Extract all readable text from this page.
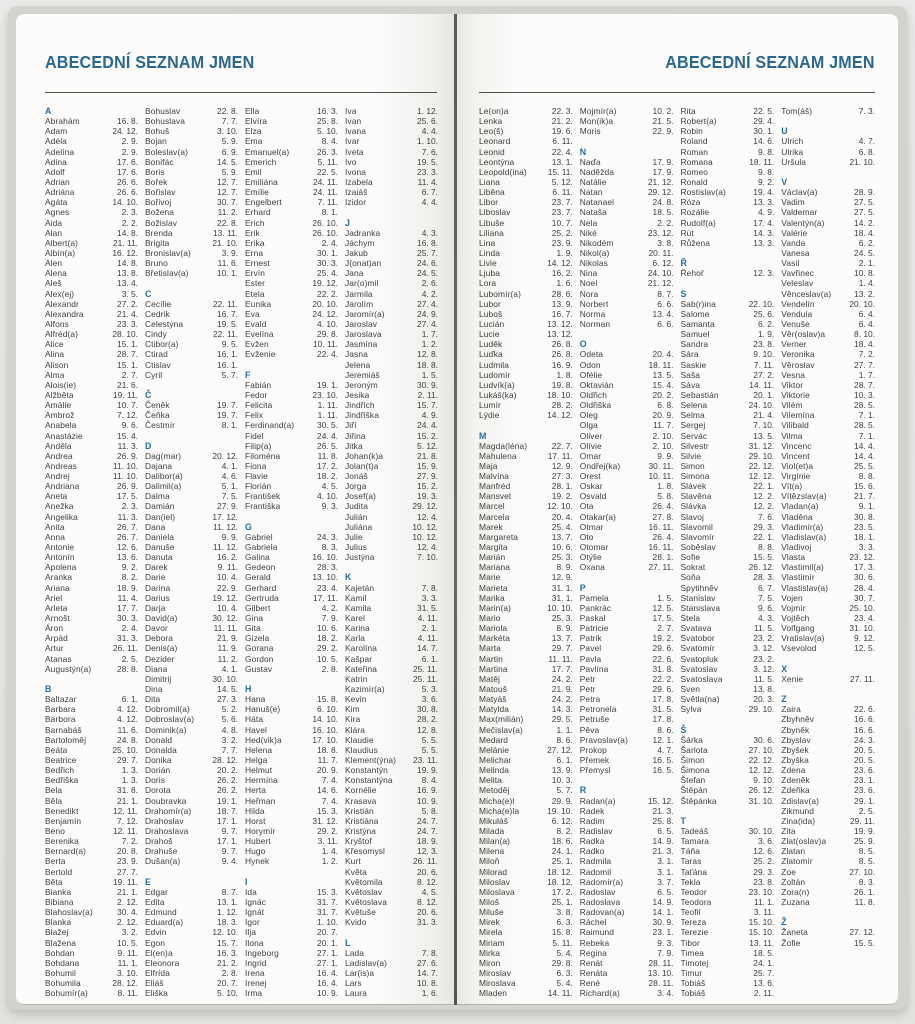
ABECEDNÍ SEZNAM JMEN
A
Abrahám	16. 8.
Adam	24. 12.
Adéla	2. 9.
Adelína	2. 9.
Adina	17. 6.
Adolf	17. 6.
Adrian	26. 6.
Adriána	26. 6.
Agáta	14. 10.
Agnes	2. 3.
Aida	2. 2.
Alan	14. 8.
Albert(a)	21. 11.
Albín(a)	16. 12.
Alen	14. 8.
Alena	13. 8.
Aleš	13. 4.
Alex(ej)	3. 5.
Alexandr	27. 2.
Alexandra	21. 4.
Alfons	23. 3.
Alfréd(a)	28. 10.
Alice	15. 1.
Alina	28. 7.
Alison	15. 1.
Alma	2. 7.
Alois(ie)	21. 6.
Alžběta	19. 11.
Amálie	10. 7.
Ambrož	7. 12.
Anabela	9. 6.
Anastázie	15. 4.
Anděla	11. 3.
Andrea	26. 9.
Andreas	11. 10.
Andrej	11. 10.
Andriana	26. 9.
Aneta	17. 5.
Anežka	2. 3.
Angelika	11. 3.
Anita	26. 7.
Anna	26. 7.
Antonie	12. 6.
Antonín	13. 6.
Apolena	9. 2.
Aranka	8. 2.
Ariana	18. 9.
Ariel	11. 4.
Arleta	17. 7.
Arnošt	30. 3.
Áron	2. 4.
Arpád	31. 3.
Artur	26. 11.
Atanas	2. 5.
Augustýn(a)	28. 8.
B
Baltazar	6. 1.
Barbara	4. 12.
Barbora	4. 12.
Barnabáš	11. 6.
Bartoloměj	24. 8.
Beáta	25. 10.
Beatrice	29. 7.
Bedřich	1. 3.
Bedřiška	1. 3.
Bela	31. 8.
Běla	21. 1.
Benedikt	12. 11.
Benjamín	7. 12.
Beno	12. 11.
Berenika	7. 2.
Bernard(a)	20. 8.
Berta	23. 9.
Bertold	27. 7.
Běta	19. 11.
Bianka	21. 1.
Bibiana	2. 12.
Blahoslav(a)	30. 4.
Blanka	2. 12.
Blažej	3. 2.
Blažena	10. 5.
Bohdan	9. 11.
Bohdana	11. 1.
Bohumil	3. 10.
Bohumila	28. 12.
Bohumír(a)	8. 11.
Bohuslav	22. 8.
Bohuslava	7. 7.
Bohuš	3. 10.
Bojan	5. 9.
Boleslav(a)	6. 9.
Bonifác	14. 5.
Boris	5. 9.
Bořek	12. 7.
Bořislav	12. 7.
Bořivoj	30. 7.
Božena	11. 2.
Božislav	22. 8.
Brenda	13. 11.
Brigita	21. 10.
Bronislav(a)	3. 9.
Bruno	11. 6.
Břetislav(a)	10. 1.
C
Cecílie	22. 11.
Cedrik	16. 7.
Celestýna	19. 5.
Cindy	22. 11.
Ctibor(a)	9. 5.
Ctirad	16. 1.
Ctislav	16. 1.
Cyril	5. 7.
Č
Čeněk	19. 7.
Čeňka	19. 7.
Čestmír	8. 1.
D
Dag(mar)	20. 12.
Dajana	4. 1.
Dalibor(a)	4. 6.
Dalimil(a)	5. 1.
Dalma	7. 5.
Damián	27. 9.
Dan(iel)	17. 12.
Dana	11. 12.
Daniela	9. 9.
Danuše	11. 12.
Danuta	16. 2.
Darek	9. 11.
Darie	10. 4.
Darina	22. 9.
Darius	19. 12.
Darja	10. 4.
David(a)	30. 12.
Davor	11. 11.
Debora	21. 9.
Denis(a)	11. 9.
Dezider	11. 2.
Diana	4. 1.
Dimitrij	30. 10.
Dina	14. 5.
Dita	27. 3.
Dobromil(a)	5. 2.
Dobroslav(a)	5. 6.
Dominik(a)	4. 8.
Donald	3. 2.
Donalda	7. 7.
Donika	28. 12.
Dorián	20. 2.
Doris	26. 2.
Dorota	26. 2.
Doubravka	19. 1.
Drahomír(a)	18. 7.
Drahoslav	17. 1.
Drahoslava	9. 7.
Drahoš	17. 1.
Drahuše	9. 7.
Dušan(a)	9. 4.
E
Edgar	8. 7.
Edita	13. 1.
Edmund	1. 12.
Eduard(a)	18. 3.
Edvin	12. 10.
Egon	15. 7.
El(en)a	16. 3.
Eleonora	21. 2.
Elfrída	2. 8.
Eliáš	20. 7.
Eliška	5. 10.
Ella	16. 3.
Elvíra	25. 8.
Elza	5. 10.
Ema	8. 4.
Emanuel(a)	26. 3.
Emerich	5. 11.
Emil	22. 5.
Emiliána	24. 11.
Emílie	24. 11.
Engelbert	7. 11.
Erhard	8. 1.
Erich	26. 10.
Erik	26. 10.
Erika	2. 4.
Erna	30. 1.
Ernest	30. 3.
Ervín	25. 4.
Ester	19. 12.
Etela	22. 2.
Eunika	20. 10.
Eva	24. 12.
Evald	4. 10.
Evelína	29. 8.
Evžen	10. 11.
Evženie	22. 4.
F
Fabián	19. 1.
Fedor	23. 10.
Felicita	1. 11.
Felix	1. 11.
Ferdinand(a)	30. 5.
Fidel	24. 4.
Filip(a)	26. 5.
Filoména	11. 8.
Fiona	17. 2.
Flavie	18. 2.
Florián	4. 5.
František	4. 10.
Františka	9. 3.
G
Gabriel	24. 3.
Gabriela	8. 3.
Galina	16. 10.
Gedeon	28. 3.
Gerald	13. 10.
Gerhard	23. 4.
Gertruda	17. 11.
Gilbert	4. 2.
Gina	7. 9.
Gita	10. 6.
Gizela	18. 2.
Gorana	29. 2.
Gordon	10. 5.
Gustav	2. 8.
H
Hana	15. 8.
Hanuš(e)	6. 10.
Háta	14. 10.
Havel	16. 10.
Hed(vik)a	17. 10.
Helena	18. 8.
Helga	11. 7.
Helmut	20. 9.
Hermína	7. 4.
Herta	14. 6.
Heřman	7. 4.
Hilda	15. 3.
Horst	31. 12.
Horymír	29. 2.
Hubert	3. 11.
Hugo	1. 4.
Hynek	1. 2.
I
Ida	15. 3.
Ignác	31. 7.
Ignát	31. 7.
Igor	1. 10.
Ilja	20. 7.
Ilona	20. 1.
Ingeborg	27. 1.
Ingrid	27. 1.
Irena	16. 4.
Irenej	16. 4.
Irma	10. 9.
Iva	1. 12.
Ivan	25. 6.
Ivana	4. 4.
Ivar	1. 10.
Iveta	7. 6.
Ivo	19. 5.
Ivona	23. 3.
Izabela	11. 4.
Izaiáš	6. 7.
Izidor	4. 4.
J
Jadranka	4. 3.
Jáchym	16. 8.
Jakub	25. 7.
J(onat)an	24. 6.
Jana	24. 5.
Jar(o)mil	2. 6.
Jarmila	4. 2.
Jarolím	27. 4.
Jaromír(a)	24. 9.
Jaroslav	27. 4.
Jaroslava	1. 7.
Jasmína	1. 2.
Jasna	12. 8.
Jelena	18. 8.
Jeremiáš	1. 5.
Jeroným	30. 9.
Jesika	2. 11.
Jindřich	15. 7.
Jindřiška	4. 9.
Jiří	24. 4.
Jiřina	15. 2.
Jitka	5. 12.
Johan(k)a	21. 8.
Jolan(t)a	15. 9.
Jonáš	27. 9.
Jorga	15. 2.
Josef(a)	19. 3.
Judita	29. 12.
Julián	12. 4.
Juliána	10. 12.
Julie	10. 12.
Julius	12. 4.
Justýna	7. 10.
K
Kajetán	7. 8.
Kamil	3. 3.
Kamila	31. 5.
Karel	4. 11.
Karina	2. 1.
Karla	4. 11.
Karolína	14. 7.
Kašpar	6. 1.
Kateřina	25. 11.
Katrin	25. 11.
Kazimír(a)	5. 3.
Kevin	3. 6.
Kim	30. 8.
Kira	28. 2.
Klára	12. 8.
Klaudie	5. 5.
Klaudius	5. 5.
Klement(ýna) 23. 11.
Konstantýn	19. 9.
Konstantýna	8. 4.
Kornélie	16. 9.
Krasava	10. 9.
Kristián	5. 8.
Kristiána	24. 7.
Kristýna	24. 7.
Kryštof	18. 9.
Křesomysl	12. 3.
Kurt	26. 11.
Květa	20. 6.
Květomila	8. 12.
Květoslav	4. 5.
Květoslava	8. 12.
Květuše	20. 6.
Kvido	31. 3.
L
Lada	7. 8.
Ladislav(a)	27. 6.
Lar(is)a	14. 7.
Lars	10. 8.
Laura	1. 6.
ABECEDNÍ SEZNAM JMEN
Le(on)a	22. 3.
Lenka	21. 2.
Leo(š)	19. 6.
Leonard	6. 11.
Leonid	22. 4.
Leontýna	13. 1.
Leopold(ina) 15. 11.
Liana	5. 12.
Liběna	6. 11.
Libor	23. 7.
Liboslav	23. 7.
Libuše	10. 7.
Liliana	25. 2.
Lina	23. 9.
Linda	1. 9.
Livie	14. 12.
Ljuba	16. 2.
Lora	1. 6.
Lubomír(a)	28. 6.
Lubor	13. 9.
Luboš	16. 7.
Lucián	13. 12.
Lucie	13. 12.
Luděk	26. 8.
Luďka	26. 8.
Ludmila	16. 9.
Ludomír	1. 8.
Ludvík(a)	19. 8.
Lukáš(ka)	18. 10.
Lumír	28. 2.
Lýdie	14. 12.
M
Magda(léna)	22. 7.
Mahulena	17. 11.
Maja	12. 9.
Malvína	27. 3.
Manfréd	28. 1.
Mansvet	19. 2.
Marcel	12. 10.
Marcela	20. 4.
Marek	25. 4.
Margareta	13. 7.
Margita	10. 6.
Marián	25. 3.
Mariana	8. 9.
Marie	12. 9.
Marieta	31. 1.
Marika	31. 1.
Marin(a)	10. 10.
Mario	25. 3.
Mariola	8. 9.
Markéta	13. 7.
Marta	29. 7.
Martin	11. 11.
Martina	17. 7.
Matěj	24. 2.
Matouš	21. 9.
Matyáš	24. 2.
Matylda	14. 3.
Max(milián)	29. 5.
Mečislav(a)	1. 1.
Medard	8. 6.
Melánie	27. 12.
Melichar	6. 1.
Melinda	13. 9.
Melita	10. 3.
Metoděj	5. 7.
Micha(e)l	29. 9.
Micha(e)la	19. 10.
Mikuláš	6. 12.
Milada	8. 2.
Milan(a)	18. 6.
Milena	24. 1.
Miloň	25. 1.
Milorad	18. 12.
Miloslav	18. 12.
Miloslava	17. 2.
Miloš	25. 1.
Miluše	3. 8.
Mirek	6. 3.
Mirela	15. 8.
Miriam	5. 11.
Mirka	5. 4.
Miron	29. 8.
Miroslav	6. 3.
Miroslava	5. 4.
Mladen	14. 11.
Mojmír(a)	10. 2.
Mon(ik)a	21. 5.
Moris	22. 9.
N
Naďa	17. 9.
Naděžda	17. 9.
Natálie	21. 12.
Natan	29. 12.
Natanael	24. 8.
Nataša	18. 5.
Nela	2. 2.
Niké	23. 12.
Nikodém	3. 8.
Nikol(a)	20. 11.
Nikolas	6. 12.
Nina	24. 10.
Noel	21. 12.
Nora	8. 7.
Norbert	6. 6.
Norma	13. 4.
Norman	6. 6.
O
Odeta	20. 4.
Odon	18. 11.
Ofélie	13. 5.
Oktavián	15. 4.
Oldřich	20. 2.
Oldřiška	6. 8.
Oleg	20. 9.
Olga	11. 7.
Oliver	2. 10.
Olívie	2. 10.
Omar	9. 9.
Ondřej(ka)	30. 11.
Orest	10. 11.
Oskar	1. 8.
Osvald	5. 8.
Ota	26. 4.
Otakar(a)	27. 8.
Otmar	16. 11.
Oto	26. 4.
Otomar	16. 11.
Otýlie	28. 1.
Oxana	27. 11.
P
Pamela	1. 5.
Pankrác	12. 5.
Paskal	17. 5.
Patricie	2. 7.
Patrik	19. 2.
Pavel	29. 6.
Pavla	22. 6.
Pavlína	31. 8.
Petr	22. 2.
Petr	29. 6.
Petra	17. 8.
Petronela	31. 5.
Petruše	17. 8.
Pěva	8. 6.
Pravoslav(a)	12. 1.
Prokop	4. 7.
Přemek	16. 5.
Přemysl	16. 5.
R
Radan(a)	15. 12.
Radek	21. 3.
Radim	25. 8.
Radislav	6. 5.
Radka	14. 9.
Radko	21. 3.
Radmila	3. 1.
Radomil	3. 1.
Radomír(a)	3. 7.
Radoslav	6. 5.
Radoslava	14. 9.
Radovan(a)	14. 1.
Ráchel	30. 9.
Raimund	23. 1.
Rebeka	9. 3.
Regina	7. 9.
Renát	28. 11.
Renáta	13. 10.
René	28. 11.
Richard(a)	3. 4.
Rita	22. 5.
Robert(a)	29. 4.
Robin	30. 1.
Roland	14. 6.
Roman	9. 8.
Romana	18. 11.
Romeo	9. 8.
Ronald	9. 2.
Rostislav(a)	19. 4.
Róza	13. 3.
Rozálie	4. 9.
Rudolf(a)	17. 4.
Rút	14. 3.
Růžena	13. 3.
Ř
Řehoř	12. 3.
S
Sab(r)ina	22. 10.
Salome	25. 6.
Samanta	6. 2.
Samuel	1. 9.
Sandra	23. 8.
Sára	9. 10.
Saskie	7. 11.
Saša	27. 2.
Sáva	14. 11.
Sebastián	20. 1.
Selena	24. 10.
Selma	21. 4.
Sergej	7. 10.
Servác	13. 5.
Silvestr	31. 12.
Silvie	29. 10.
Simon	22. 12.
Simona	12. 12.
Slávek	22. 1.
Slavěna	12. 2.
Slávka	12. 2.
Slavoj	7. 6.
Slavomil	29. 3.
Slavomír	22. 1.
Soběslav	8. 8.
Sofie	15. 5.
Sokrat	26. 12.
Soňa	28. 3.
Spytihněv	6. 7.
Stanislav	7. 5.
Stanislava	9. 6.
Stela	4. 3.
Svatava	11. 5.
Svatobor	23. 2.
Svatomír	3. 12.
Svatopluk	23. 2.
Svatoslav	3. 12.
Svatoslava	11. 5.
Sven	13. 8.
Světla(na)	20. 3.
Sylva	29. 10.
Š
Šárka	30. 6.
Šarlota	27. 10.
Šimon	22. 12.
Šimona	12. 12.
Štefan	9. 10.
Štěpán	26. 12.
Štěpánka	31. 10.
T
Tadeáš	30. 10.
Tamara	3. 6.
Táňa	12. 6.
Taras	25. 2.
Taťána	29. 3.
Tekla	23. 8.
Teodor	23. 10.
Teodora	11. 1.
Teofil	3. 11.
Tereza	15. 10.
Terezie	15. 10.
Tibor	13. 11.
Timea	18. 5.
Timotej	24. 1.
Timur	25. 7.
Tobiáš	13. 6.
Tobiáš	2. 11.
Tom(áš)	7. 3.
U
Ulrich	4. 7.
Ulrika	6. 8.
Uršula	21. 10.
V
Václav(a)	28. 9.
Vadim	27. 5.
Valdemar	27. 5.
Valentýn(a)	14. 2.
Valérie	18. 4.
Vanda	6. 2.
Vanesa	24. 5.
Vasil	2. 1.
Vavřinec	10. 8.
Veleslav	1. 4.
Věnceslav(a)	13. 2.
Vendelín	20. 10.
Vendula	6. 4.
Venuše	6. 4.
Věr(oslav)a	8. 10.
Verner	18. 4.
Veronika	7. 2.
Věroslav	27. 7.
Vesna	1. 7.
Viktor	28. 7.
Viktorie	10. 3.
Vilém	28. 5.
Vilemína	7. 1.
Vilibald	28. 5.
Vilma	7. 1.
Vincenc	14. 4.
Vincent	14. 4.
Viol(et)a	25. 5.
Virgínie	8. 8.
Vít(a)	15. 6.
Vítězslav(a)	21. 7.
Vladan(a)	9. 1.
Vladěna	30. 8.
Vladimír(a)	23. 5.
Vladislav(a)	18. 1.
Vladivoj	3. 3.
Vlasta	23. 12.
Vlastimil(a)	17. 3.
Vlastimír	30. 6.
Vlastislav(a)	28. 4.
Vojen	30. 7.
Vojmír	25. 10.
Vojtěch	23. 4.
Volfgang	31. 10.
Vratislav(a)	9. 12.
Vsevolod	12. 5.
X
Xenie	27. 11.
Z
Zaira	22. 6.
Zbyhněv	16. 6.
Zbyněk	16. 6.
Zbyslav	24. 3.
Zbyšek	20. 5.
Zbyška	20. 5.
Zdena	23. 6.
Zdeněk	23. 1.
Zdeňka	23. 6.
Zdislav(a)	29. 1.
Zikmund	2. 5.
Zina(ida)	29. 11.
Zita	19. 9.
Zlat(oslav)a	25. 9.
Zlatan	8. 5.
Zlatomír	8. 5.
Zoe	27. 10.
Zoltán	8. 3.
Zora(n)	26. 1.
Zuzana	11. 8.
Ž
Žaneta	27. 12.
Žofie	15. 5.
